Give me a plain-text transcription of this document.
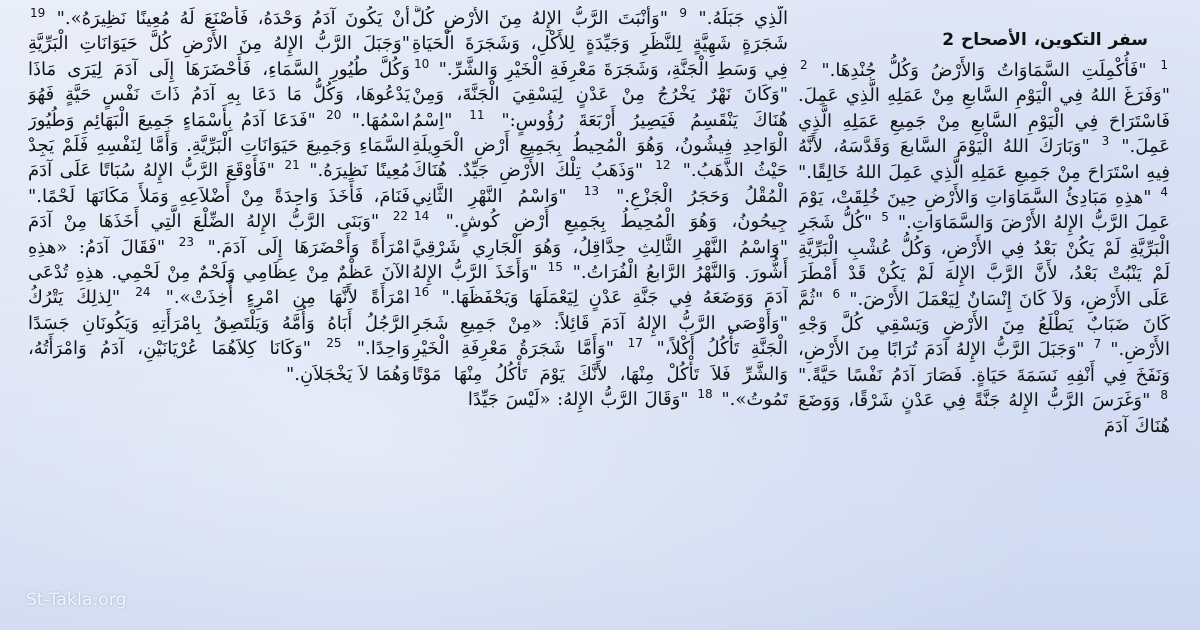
سفر التكوين، الأصحاح 2
$^1$ "فَأُكْمِلَتِ السَّمَاوَاتُ وَالأَرْضُ وَكُلُّ جُنْدِهَا." $^2$ "وَفَرَغَ اللهُ فِي الْيَوْمِ السَّابعِ مِنْ عَمَلِهِ الَّذِي عَمِلَ. فَاسْتَرَاحَ فِي الْيَوْمِ السَّابعِ مِنْ جَمِيعِ عَمَلِهِ الَّذِي عَمِلَ." $^3$ "وَبَارَكَ اللهُ الْيَوْمَ السَّابعَ وَقَدَّسَهُ، لأَنَّهُ فِيهِ اسْتَرَاحَ مِنْ جَمِيعِ عَمَلِهِ الَّذِي عَمِلَ اللهُ خَالِقًا." $^4$ "هذِهِ مَبَادِئُ السَّمَاوَاتِ وَالأَرْضِ حِينَ خُلِقَتْ، يَوْمَ عَمِلَ الرَّبُّ الإِلهُ الأَرْضَ وَالسَّمَاوَاتِ." $^5$ "كُلُّ شَجَرِ الْبَرِّيَّةِ لَمْ يَكُنْ بَعْدُ فِي الأَرْضِ، وَكُلُّ عُشْبِ الْبَرِّيَّةِ لَمْ يَنْبُتْ بَعْدُ، لأَنَّ الرَّبَّ الإِلهَ لَمْ يَكُنْ قَدْ أَمْطَرَ عَلَى الأَرْضِ، وَلاَ كَانَ إِنْسَانٌ لِيَعْمَلَ الأَرْضَ." $^6$ "ثُمَّ كَانَ ضَبَابٌ يَطْلَعُ مِنَ الأَرْضِ وَيَسْقِي كُلَّ وَجْهِ الأَرْضِ." $^7$ "وَجَبَلَ الرَّبُّ الإِلهُ آدَمَ تُرَابًا مِنَ الأَرْضِ، وَنَفَخَ فِي أَنْفِهِ نَسَمَةَ حَيَاةٍ. فَصَارَ آدَمُ نَفْسًا حَيَّةً." $^8$ "وَغَرَسَ الرَّبُّ الإِلهُ جَنَّةً فِي عَدْنٍ شَرْقًا، وَوَضَعَ هُنَاكَ آدَمَ
الَّذِي جَبَلَهُ." $^9$ "وَأَنْبَتَ الرَّبُّ الإِلهُ مِنَ الأَرْضِ كُلَّ شَجَرَةٍ شَهِيَّةٍ لِلنَّظَرِ وَجَيِّدَةٍ لِلأَكْلِ، وَشَجَرَةَ الْحَيَاةِ فِي وَسَطِ الْجَنَّةِ، وَشَجَرَةَ مَعْرِفَةِ الْخَيْرِ وَالشَّرِّ." $^{10}$ "وَكَانَ نَهْرٌ يَخْرُجُ مِنْ عَدْنٍ لِيَسْقِيَ الْجَنَّةَ، وَمِنْ هُنَاكَ يَنْقَسِمُ فَيَصِيرُ أَرْبَعَةَ رُؤُوسٍ:" $^{11}$ "اِسْمُ الْوَاحِدِ فِيشُونُ، وَهُوَ الْمُحِيطُ بِجَمِيعِ أَرْضِ الْحَوِيلَةِ حَيْثُ الذَّهَبُ." $^{12}$ "وَذَهَبُ تِلْكَ الأَرْضِ جَيِّدٌ. هُنَاكَ الْمُقْلُ وَحَجَرُ الْجَزْعِ." $^{13}$ "وَاسْمُ النَّهْرِ الثَّانِي جِيحُونُ، وَهُوَ الْمُحِيطُ بِجَمِيعِ أَرْضِ كُوشٍ." $^{14}$ "وَاسْمُ النَّهْرِ الثَّالِثِ حِدَّاقِلُ، وَهُوَ الْجَارِي شَرْقِيَّ أَشُّورَ. وَالنَّهْرُ الرَّابعُ الْفُرَاتُ." $^{15}$ "وَأَخَذَ الرَّبُّ الإِلهُ آدَمَ وَوَضَعَهُ فِي جَنَّةِ عَدْنٍ لِيَعْمَلَهَا وَيَحْفَظَهَا." $^{16}$ "وَأَوْصَى الرَّبُّ الإِلهُ آدَمَ قَائِلاً: «مِنْ جَمِيعِ شَجَرِ الْجَنَّةِ تَأْكُلُ أَكْلاً،" $^{17}$ "وَأَمَّا شَجَرَةُ مَعْرِفَةِ الْخَيْرِ وَالشَّرِّ فَلاَ تَأْكُلْ مِنْهَا، لأَنَّكَ يَوْمَ تَأْكُلُ مِنْهَا مَوْتًا تَمُوتُ»." $^{18}$ "وَقَالَ الرَّبُّ الإِلهُ: «لَيْسَ جَيِّدًا
أَنْ يَكُونَ آدَمُ وَحْدَهُ، فَأَصْنَعَ لَهُ مُعِينًا نَظِيرَهُ»." $^{19}$ "وَجَبَلَ الرَّبُّ الإِلهُ مِنَ الأَرْضِ كُلَّ حَيَوَانَاتِ الْبَرِّيَّةِ وَكُلَّ طُيُورِ السَّمَاءِ، فَأَحْضَرَهَا إِلَى آدَمَ لِيَرَى مَاذَا يَدْعُوهَا، وَكُلُّ مَا دَعَا بِهِ آدَمُ ذَاتَ نَفْسٍ حَيَّةٍ فَهُوَ اسْمُهَا." $^{20}$ "فَدَعَا آدَمُ بِأَسْمَاءٍ جَمِيعَ الْبَهَائِمِ وَطُيُورَ السَّمَاءِ وَجَمِيعَ حَيَوَانَاتِ الْبَرِّيَّةِ. وَأَمَّا لِنَفْسِهِ فَلَمْ يَجِدْ مُعِينًا نَظِيرَهُ." $^{21}$ "فَأَوْقَعَ الرَّبُّ الإِلهُ سُبَاتًا عَلَى آدَمَ فَنَامَ، فَأَخَذَ وَاحِدَةً مِنْ أَضْلاَعِهِ وَمَلأَ مَكَانَهَا لَحْمًا." $^{22}$ "وَبَنَى الرَّبُّ الإِلهُ الضِّلْعَ الَّتِي أَخَذَهَا مِنْ آدَمَ امْرَأَةً وَأَحْضَرَهَا إِلَى آدَمَ." $^{23}$ "فَقَالَ آدَمُ: «هذِهِ الآنَ عَظْمٌ مِنْ عِظَامِي وَلَحْمٌ مِنْ لَحْمِي. هذِهِ تُدْعَى امْرَأَةً لأَنَّهَا مِنِ امْرِءٍ أُخِذَتْ»." $^{24}$ "لِذلِكَ يَتْرُكُ الرَّجُلُ أَبَاهُ وَأُمَّهُ وَيَلْتَصِقُ بِامْرَأَتِهِ وَيَكُونَانِ جَسَدًا وَاحِدًا." $^{25}$ "وَكَانَا كِلاَهُمَا عُرْيَانَيْنِ، آدَمُ وَامْرَأَتُهُ، وَهُمَا لاَ يَخْجَلاَنِ."
St-Takla.org
